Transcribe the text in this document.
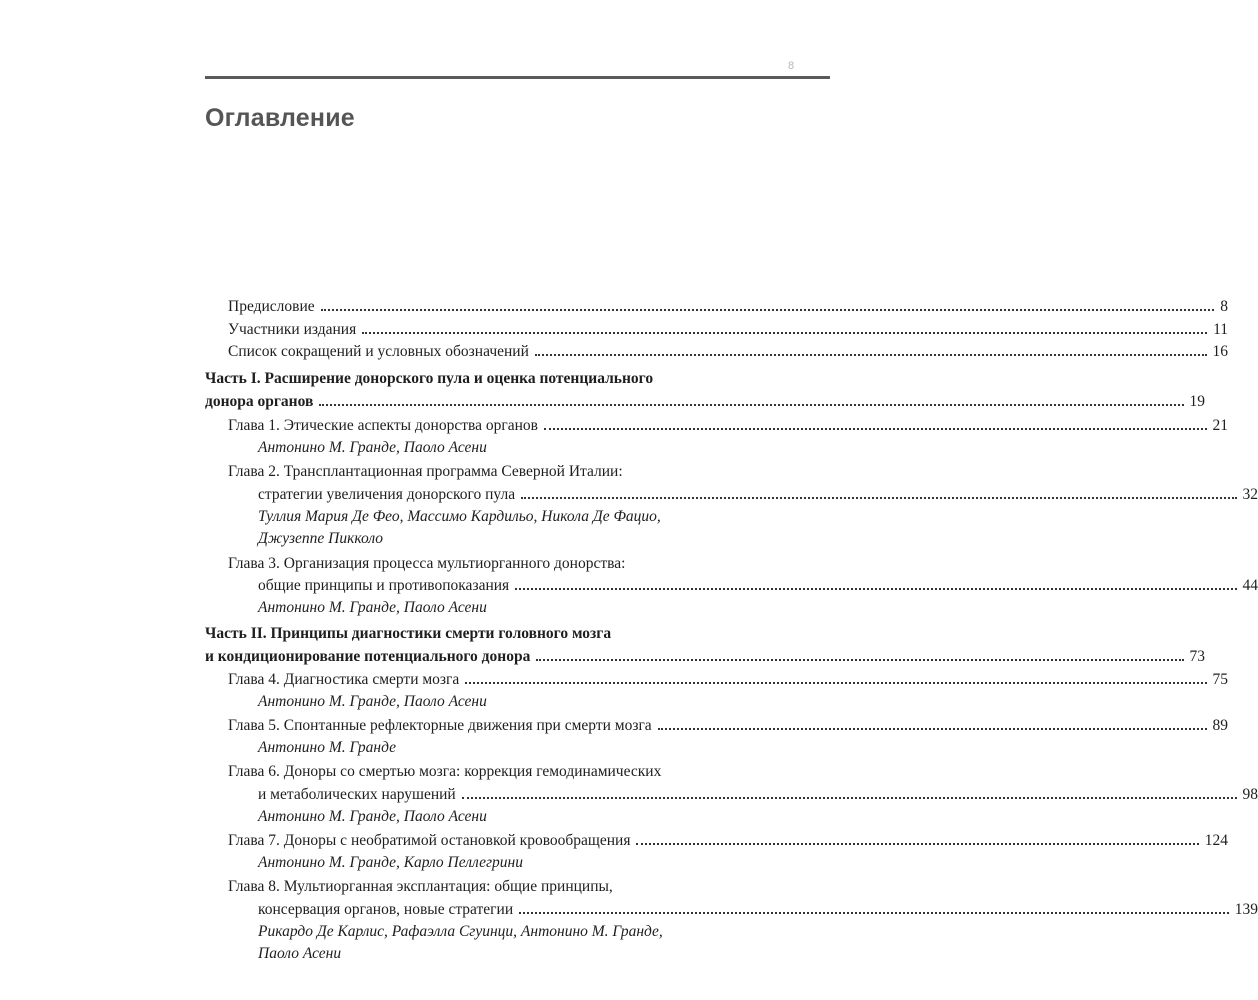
8
Оглавление
Предисловие	8
Участники издания	11
Список сокращений и условных обозначений	16
Часть I. Расширение донорского пула и оценка потенциального
донора органов	19
Глава 1. Этические аспекты донорства органов	21
Антонино М. Гранде, Паоло Асени
Глава 2. Трансплантационная программа Северной Италии:
стратегии увеличения донорского пула	32
Туллия Мария Де Фео, Массимо Кардильо, Никола Де Фацио,
Джузеппе Пикколо
Глава 3. Организация процесса мультиорганного донорства:
общие принципы и противопоказания	44
Антонино М. Гранде, Паоло Асени
Часть II. Принципы диагностики смерти головного мозга
и кондиционирование потенциального донора	73
Глава 4. Диагностика смерти мозга	75
Антонино М. Гранде, Паоло Асени
Глава 5. Спонтанные рефлекторные движения при смерти мозга	89
Антонино М. Гранде
Глава 6. Доноры со смертью мозга: коррекция гемодинамических
и метаболических нарушений	98
Антонино М. Гранде, Паоло Асени
Глава 7. Доноры с необратимой остановкой кровообращения	124
Антонино М. Гранде, Карло Пеллегрини
Глава 8. Мультиорганная эксплантация: общие принципы,
консервация органов, новые стратегии	139
Рикардо Де Карлис, Рафаэлла Сгуинци, Антонино М. Гранде,
Паоло Асени
